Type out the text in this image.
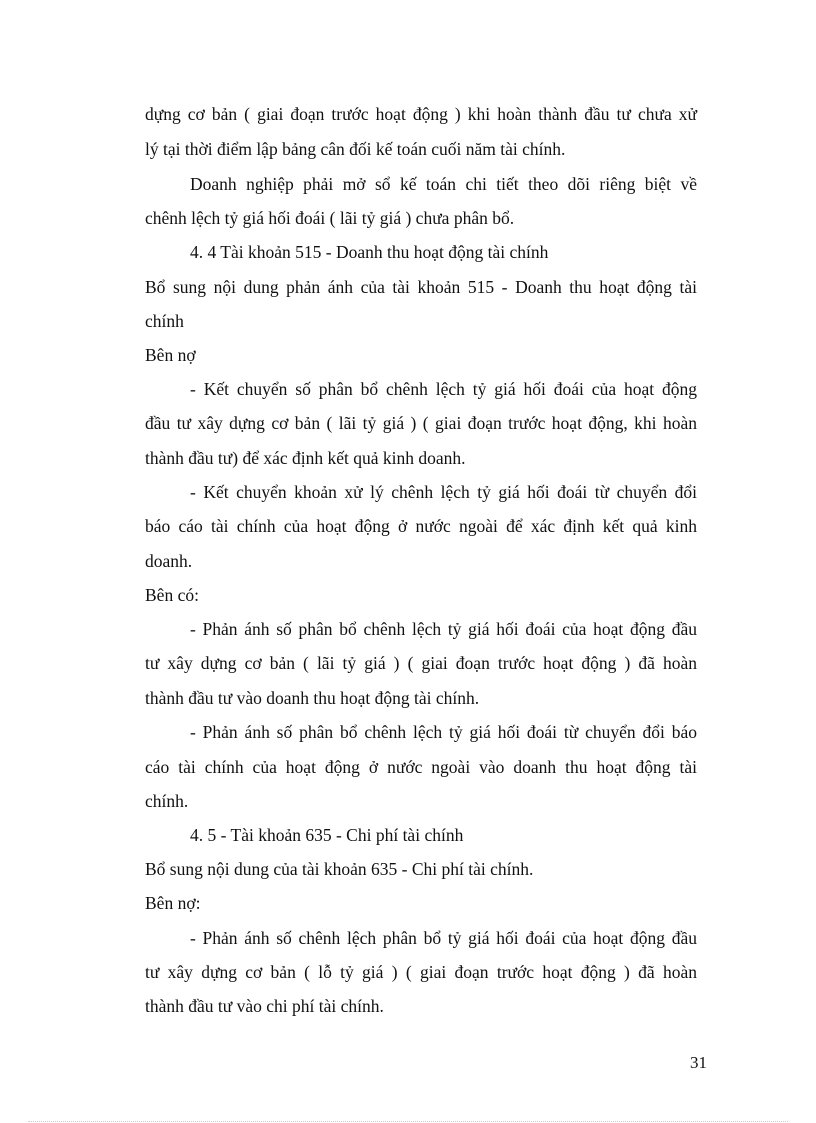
dựng cơ bản ( giai đoạn trước hoạt động ) khi hoàn thành đầu tư chưa xử
lý tại thời điểm lập bảng cân đối kế toán cuối năm tài chính.
Doanh nghiệp phải mở sổ kế toán chi tiết theo dõi riêng biệt về
chênh lệch tỷ giá hối đoái ( lãi tỷ giá ) chưa phân bổ.
4. 4 Tài khoản 515 - Doanh thu hoạt động tài chính
Bổ sung nội dung phản ánh của tài khoản 515 - Doanh thu hoạt động tài
chính
Bên nợ
- Kết chuyển số phân bổ chênh lệch tỷ giá hối đoái của hoạt động
đầu tư xây dựng cơ bản ( lãi tỷ giá ) ( giai đoạn trước hoạt động, khi hoàn
thành đầu tư) để xác định kết quả kinh doanh.
- Kết chuyển khoản xử lý chênh lệch tỷ giá hối đoái từ chuyển đổi
báo cáo tài chính của hoạt động ở nước ngoài để xác định kết quả kinh
doanh.
Bên có:
- Phản ánh số phân bổ chênh lệch tỷ giá hối đoái của hoạt động đầu
tư xây dựng cơ bản ( lãi tỷ giá ) ( giai đoạn trước hoạt động ) đã hoàn
thành đầu tư vào doanh thu hoạt động tài chính.
- Phản ánh số phân bổ chênh lệch tỷ giá hối đoái từ chuyển đổi báo
cáo tài chính của hoạt động ở nước ngoài vào doanh thu hoạt động tài
chính.
4. 5 - Tài khoản 635 - Chi phí tài chính
Bổ sung nội dung của tài khoản 635 - Chi phí tài chính.
Bên nợ:
- Phản ánh số chênh lệch phân bổ tỷ giá hối đoái của hoạt động đầu
tư xây dựng cơ bản ( lỗ tỷ giá ) ( giai đoạn trước hoạt động ) đã hoàn
thành đầu tư vào chi phí tài chính.
31
